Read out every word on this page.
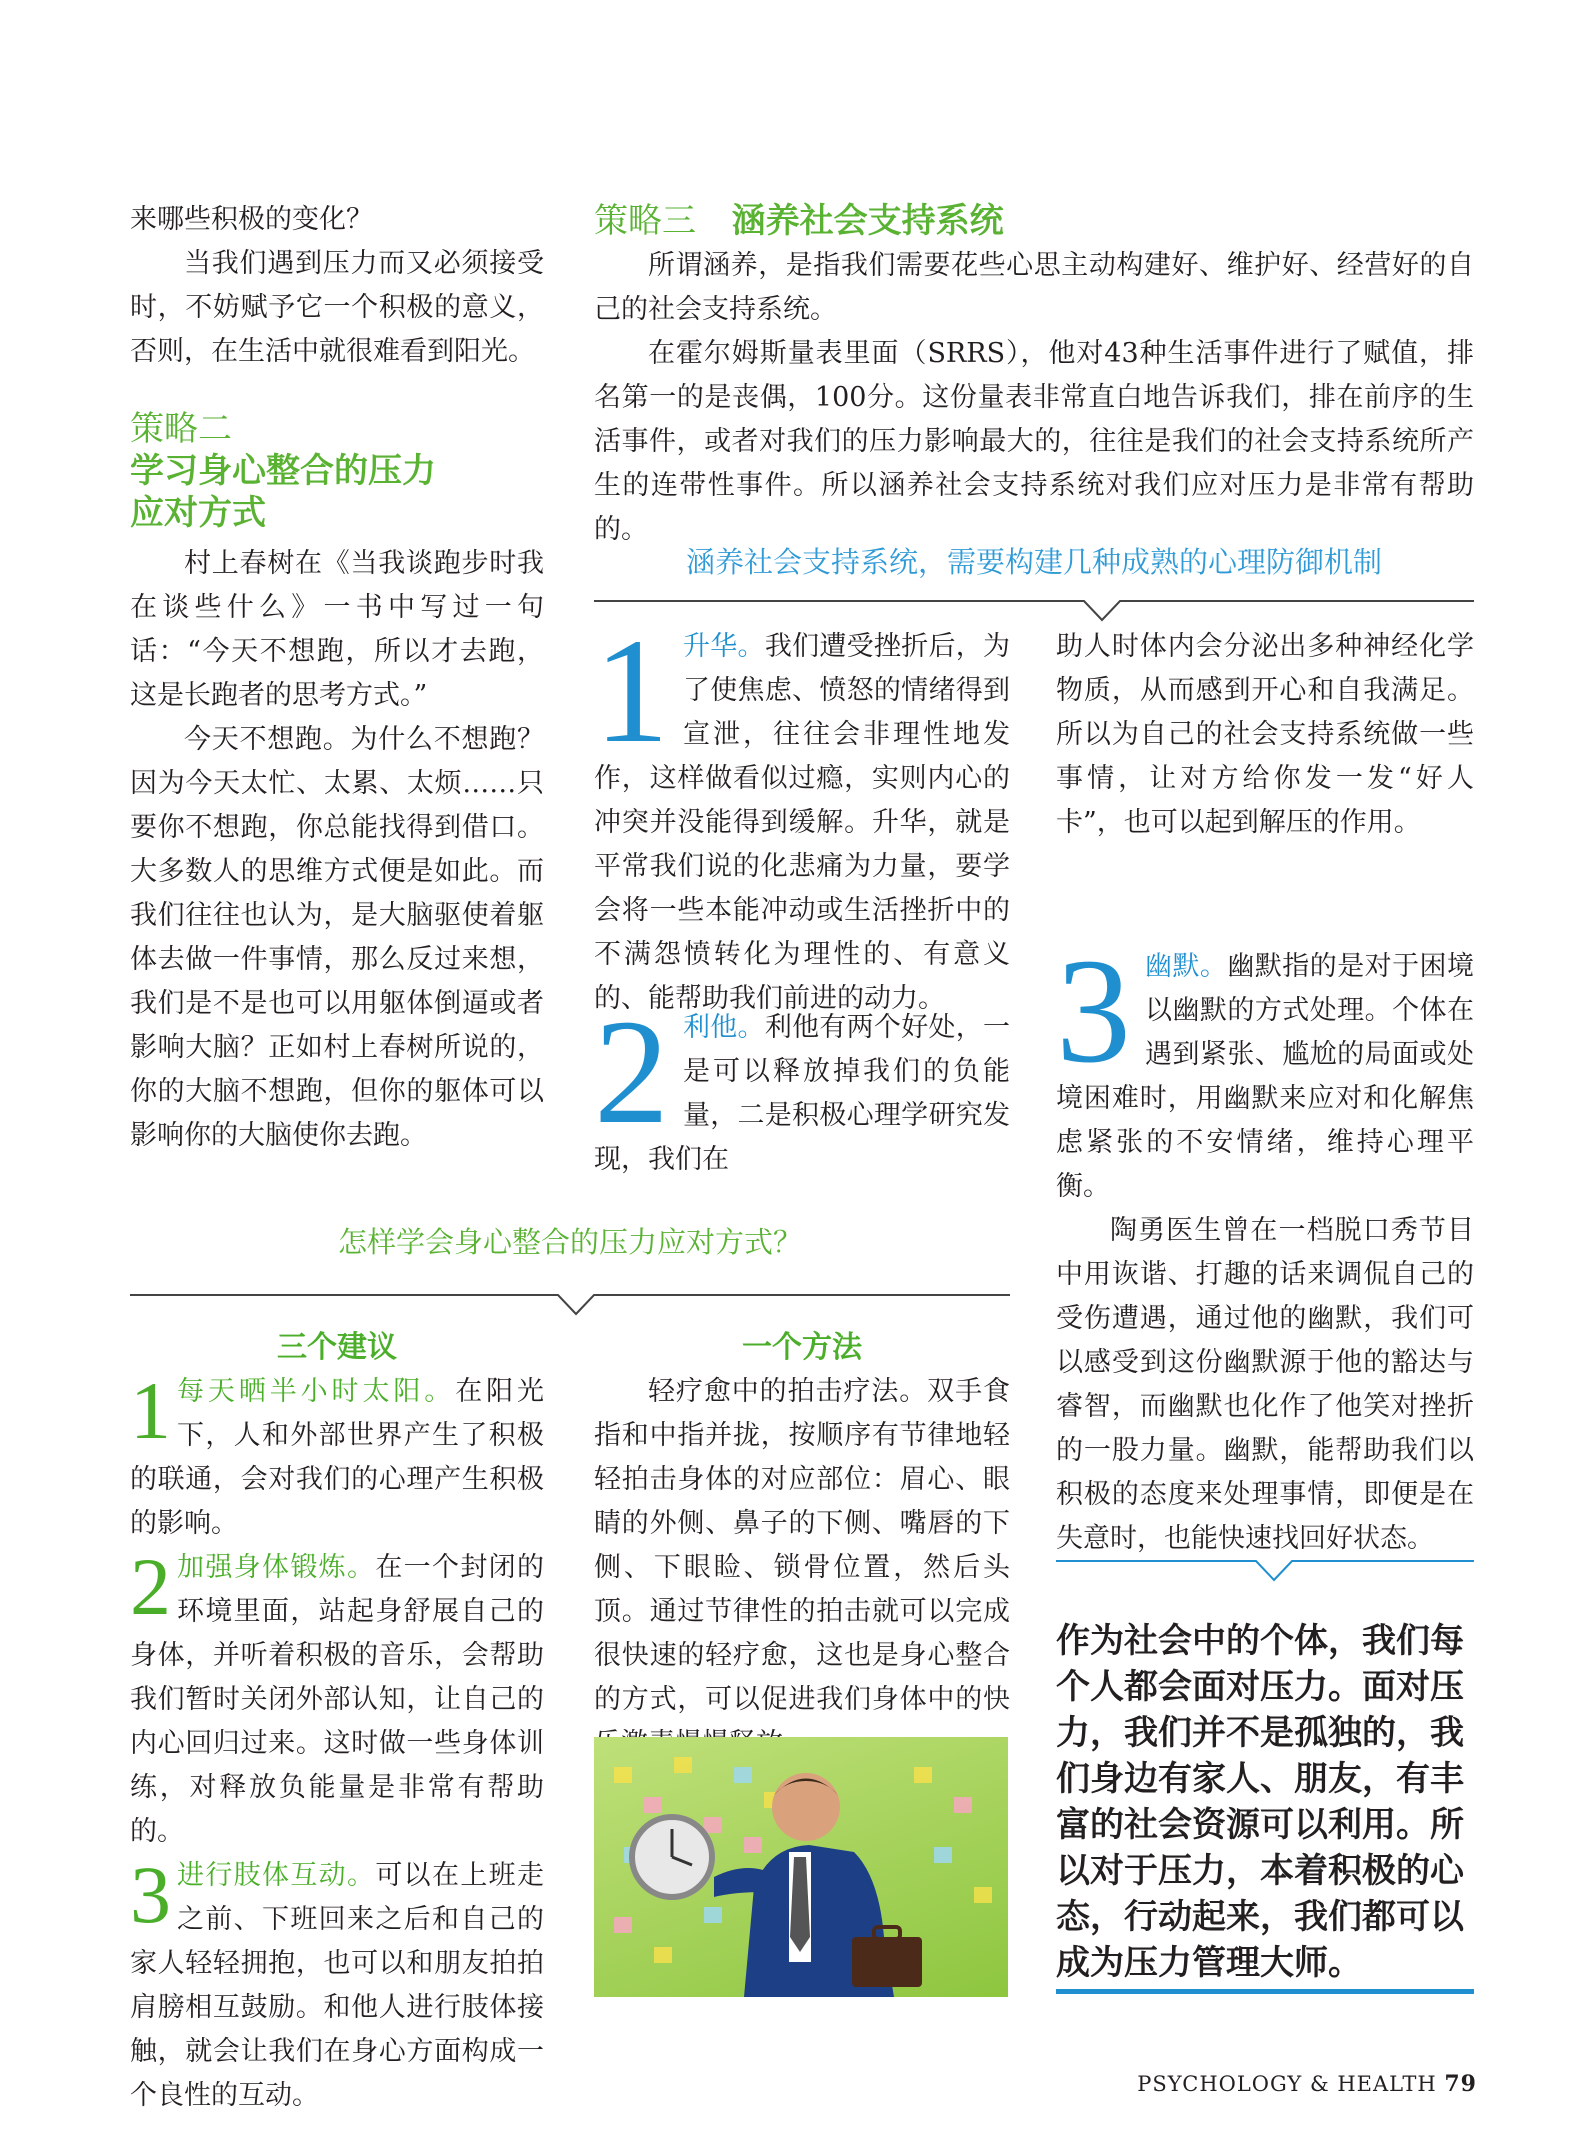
来哪些积极的变化？

当我们遇到压力而又必须接受时，不妨赋予它一个积极的意义，否则，在生活中就很难看到阳光。

策略二

学习身心整合的压力

应对方式

村上春树在《当我谈跑步时我在谈些什么》一书中写过一句话：“今天不想跑，所以才去跑，这是长跑者的思考方式。”

今天不想跑。为什么不想跑？因为今天太忙、太累、太烦……只要你不想跑，你总能找得到借口。大多数人的思维方式便是如此。而我们往往也认为，是大脑驱使着躯体去做一件事情，那么反过来想，我们是不是也可以用躯体倒逼或者影响大脑？正如村上春树所说的，你的大脑不想跑，但你的躯体可以影响你的大脑使你去跑。

策略三 涵养社会支持系统

所谓涵养，是指我们需要花些心思主动构建好、维护好、经营好的自己的社会支持系统。

在霍尔姆斯量表里面（SRRS），他对43种生活事件进行了赋值，排名第一的是丧偶，100分。这份量表非常直白地告诉我们，排在前序的生活事件，或者对我们的压力影响最大的，往往是我们的社会支持系统所产生的连带性事件。所以涵养社会支持系统对我们应对压力是非常有帮助的。

涵养社会支持系统，需要构建几种成熟的心理防御机制
1 升华。我们遭受挫折后，为了使焦虑、愤怒的情绪得到宣泄，往往会非理性地发作，这样做看似过瘾，实则内心的冲突并没能得到缓解。升华，就是平常我们说的化悲痛为力量，要学会将一些本能冲动或生活挫折中的不满怨愤转化为理性的、有意义的、能帮助我们前进的动力。

2 利他。利他有两个好处，一是可以释放掉我们的负能量，二是积极心理学研究发现，我们在

助人时体内会分泌出多种神经化学物质，从而感到开心和自我满足。所以为自己的社会支持系统做一些事情，让对方给你发一发“好人卡”，也可以起到解压的作用。

3 幽默。幽默指的是对于困境以幽默的方式处理。个体在遇到紧张、尴尬的局面或处境困难时，用幽默来应对和化解焦虑紧张的不安情绪，维持心理平衡。

陶勇医生曾在一档脱口秀节目中用诙谐、打趣的话来调侃自己的受伤遭遇，通过他的幽默，我们可以感受到这份幽默源于他的豁达与睿智，而幽默也化作了他笑对挫折的一股力量。幽默，能帮助我们以积极的态度来处理事情，即便是在失意时，也能快速找回好状态。

怎样学会身心整合的压力应对方式？

三个建议

1 每天晒半小时太阳。在阳光下，人和外部世界产生了积极的联通，会对我们的心理产生积极的影响。

2 加强身体锻炼。在一个封闭的环境里面，站起身舒展自己的身体，并听着积极的音乐，会帮助我们暂时关闭外部认知，让自己的内心回归过来。这时做一些身体训练，对释放负能量是非常有帮助的。

3 进行肢体互动。可以在上班走之前、下班回来之后和自己的家人轻轻拥抱，也可以和朋友拍拍肩膀相互鼓励。和他人进行肢体接触，就会让我们在身心方面构成一个良性的互动。

一个方法

轻疗愈中的拍击疗法。双手食指和中指并拢，按顺序有节律地轻轻拍击身体的对应部位：眉心、眼睛的外侧、鼻子的下侧、嘴唇的下侧、下眼睑、锁骨位置，然后头顶。通过节律性的拍击就可以完成很快速的轻疗愈，这也是身心整合的方式，可以促进我们身体中的快

作为社会中的个体，我们每个人都会面对压力。面对压力，我们并不是孤独的，我们身边有家人、朋友，有丰富的社会资源可以利用。所以对于压力，本着积极的心态，行动起来，我们都可以成为压力管理大师。

PSYCHOLOGY & HEALTH 79
